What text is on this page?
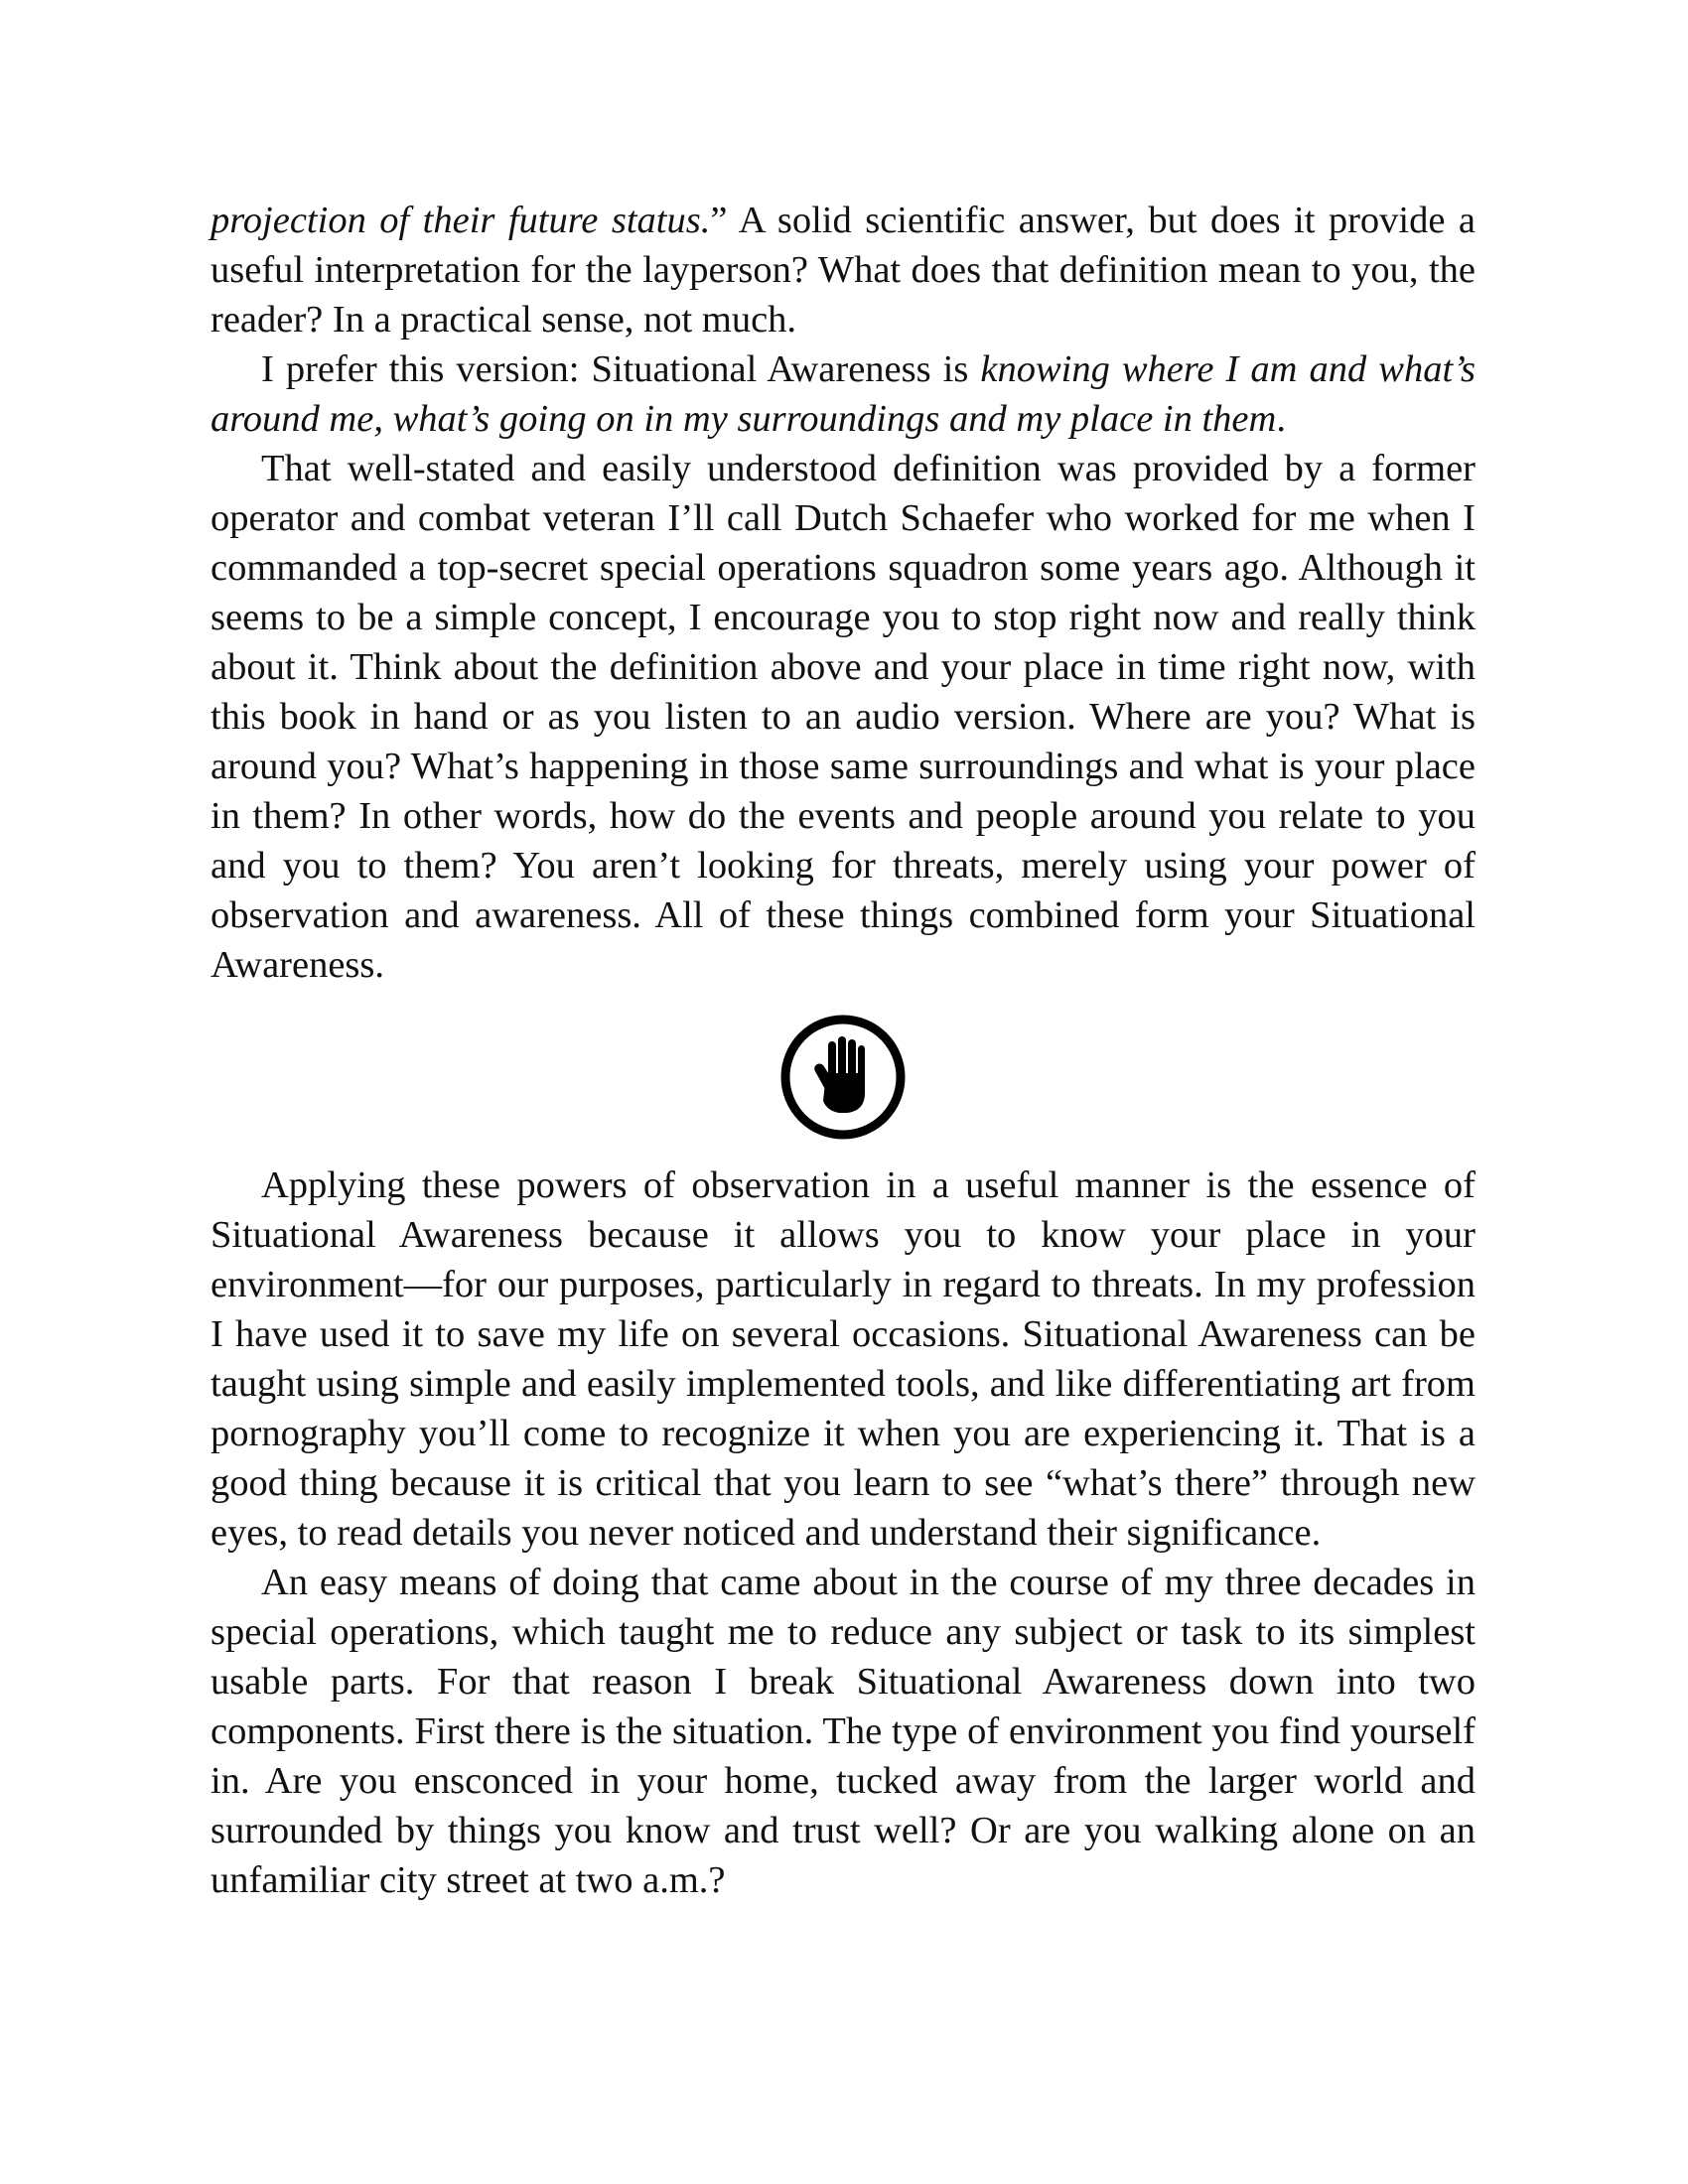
projection of their future status.” A solid scientific answer, but does it provide a useful interpretation for the layperson? What does that definition mean to you, the reader? In a practical sense, not much.

I prefer this version: Situational Awareness is knowing where I am and what’s around me, what’s going on in my surroundings and my place in them.

That well-stated and easily understood definition was provided by a former operator and combat veteran I’ll call Dutch Schaefer who worked for me when I commanded a top-secret special operations squadron some years ago. Although it seems to be a simple concept, I encourage you to stop right now and really think about it. Think about the definition above and your place in time right now, with this book in hand or as you listen to an audio version. Where are you? What is around you? What’s happening in those same surroundings and what is your place in them? In other words, how do the events and people around you relate to you and you to them? You aren’t looking for threats, merely using your power of observation and awareness. All of these things combined form your Situational Awareness.

Applying these powers of observation in a useful manner is the essence of Situational Awareness because it allows you to know your place in your environment—for our purposes, particularly in regard to threats. In my profession I have used it to save my life on several occasions. Situational Awareness can be taught using simple and easily implemented tools, and like differentiating art from pornography you’ll come to recognize it when you are experiencing it. That is a good thing because it is critical that you learn to see “what’s there” through new eyes, to read details you never noticed and understand their significance.

An easy means of doing that came about in the course of my three decades in special operations, which taught me to reduce any subject or task to its simplest usable parts. For that reason I break Situational Awareness down into two components. First there is the situation. The type of environment you find yourself in. Are you ensconced in your home, tucked away from the larger world and surrounded by things you know and trust well? Or are you walking alone on an unfamiliar city street at two a.m.?
